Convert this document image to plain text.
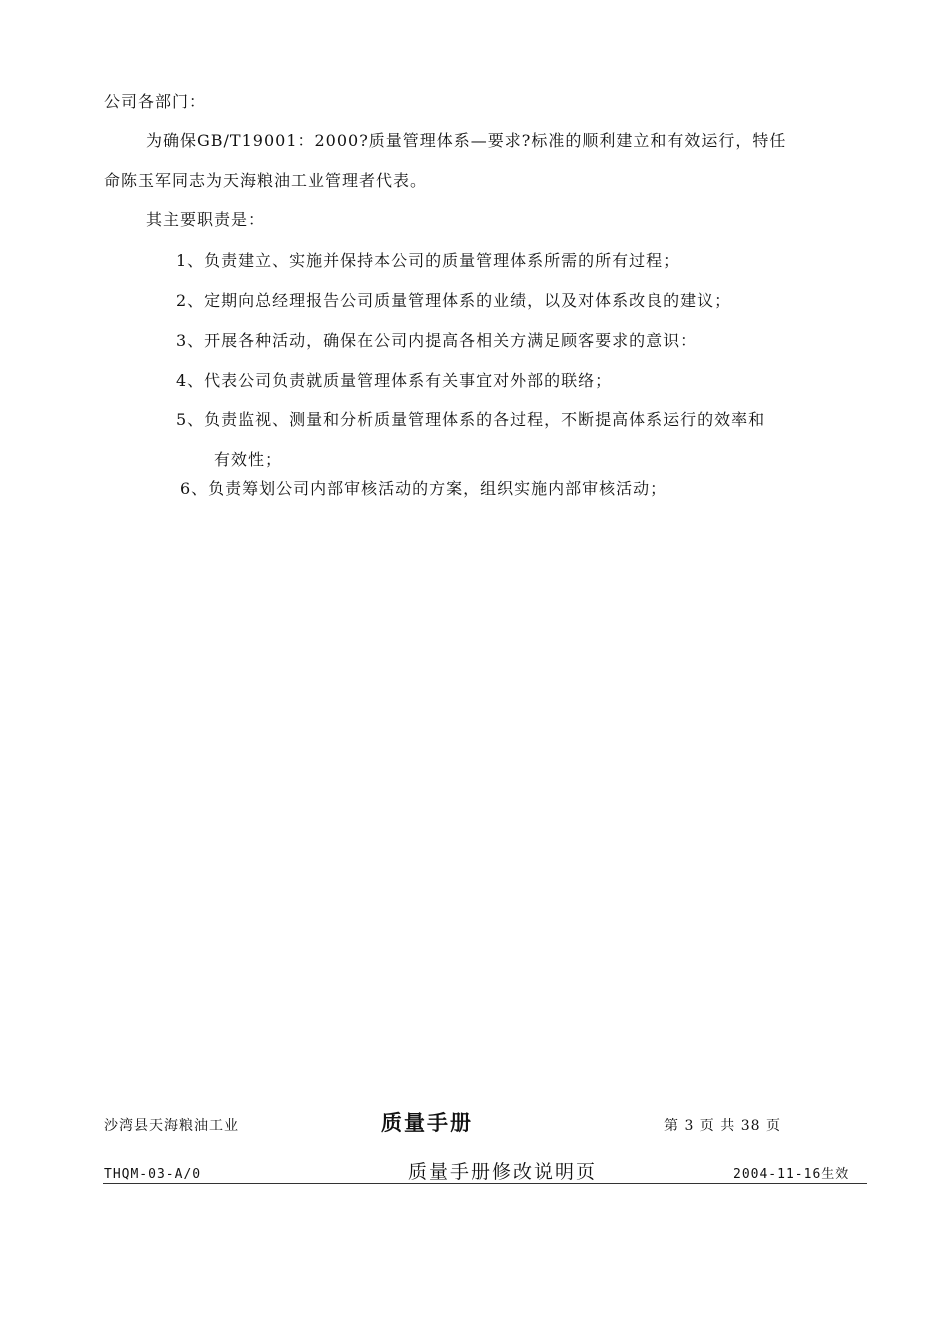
公司各部门：
为确保GB/T19001：2000?质量管理体系—要求?标准的顺利建立和有效运行，特任
命陈玉军同志为天海粮油工业管理者代表。
其主要职责是：
1、负责建立、实施并保持本公司的质量管理体系所需的所有过程；
2、定期向总经理报告公司质量管理体系的业绩，以及对体系改良的建议；
3、开展各种活动，确保在公司内提高各相关方满足顾客要求的意识：
4、代表公司负责就质量管理体系有关事宜对外部的联络；
5、负责监视、测量和分析质量管理体系的各过程，不断提高体系运行的效率和
有效性；
6、负责筹划公司内部审核活动的方案，组织实施内部审核活动；
沙湾县天海粮油工业	质量手册	第 3 页 共 38 页
THQM-03-A/0	质量手册修改说明页	2004-11-16生效
